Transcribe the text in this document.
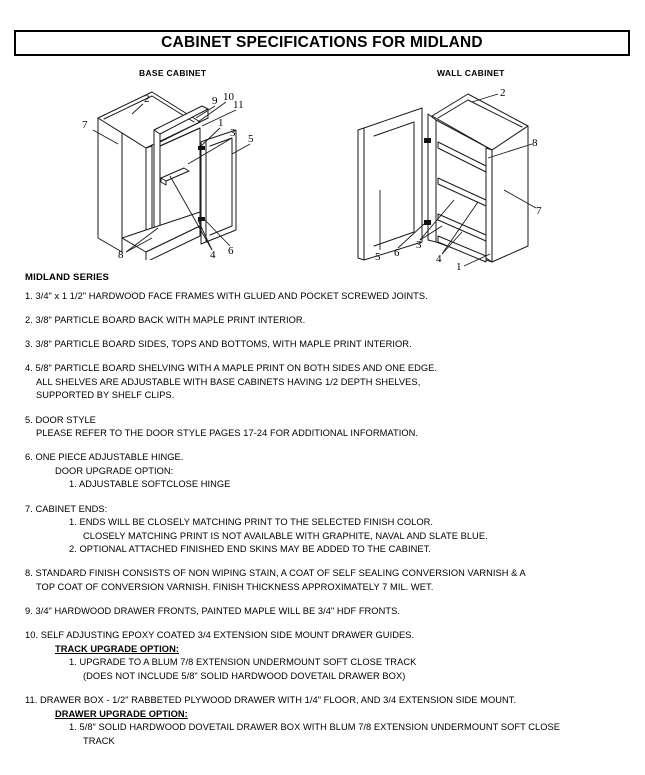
CABINET SPECIFICATIONS FOR MIDLAND
BASE CABINET	WALL CABINET
2	9 10
11
1
3 5
7
8	4 6
2
8
7
5 6
3
4
1
MIDLAND SERIES
1. 3/4" x 1 1/2" HARDWOOD FACE FRAMES WITH GLUED AND POCKET SCREWED JOINTS.
2. 3/8" PARTICLE BOARD BACK WITH MAPLE PRINT INTERIOR.
3. 3/8" PARTICLE BOARD SIDES, TOPS AND BOTTOMS, WITH MAPLE PRINT INTERIOR.
4. 5/8" PARTICLE BOARD SHELVING WITH A MAPLE PRINT ON BOTH SIDES AND ONE EDGE.
ALL SHELVES ARE ADJUSTABLE WITH BASE CABINETS HAVING 1/2 DEPTH SHELVES,
SUPPORTED BY SHELF CLIPS.
5. DOOR STYLE
PLEASE REFER TO THE DOOR STYLE PAGES 17-24 FOR ADDITIONAL INFORMATION.
6. ONE PIECE ADJUSTABLE HINGE.
DOOR UPGRADE OPTION:
1. ADJUSTABLE SOFTCLOSE HINGE
7. CABINET ENDS:
1. ENDS WILL BE CLOSELY MATCHING PRINT TO THE SELECTED FINISH COLOR.
CLOSELY MATCHING PRINT IS NOT AVAILABLE WITH GRAPHITE, NAVAL AND SLATE BLUE.
2. OPTIONAL ATTACHED FINISHED END SKINS MAY BE ADDED TO THE CABINET.
8. STANDARD FINISH CONSISTS OF NON WIPING STAIN, A COAT OF SELF SEALING CONVERSION VARNISH & A
TOP COAT OF CONVERSION VARNISH. FINISH THICKNESS APPROXIMATELY 7 MIL. WET.
9. 3/4" HARDWOOD DRAWER FRONTS, PAINTED MAPLE WILL BE 3/4" HDF FRONTS.
10. SELF ADJUSTING EPOXY COATED 3/4 EXTENSION SIDE MOUNT DRAWER GUIDES.
TRACK UPGRADE OPTION:
1. UPGRADE TO A BLUM 7/8 EXTENSION UNDERMOUNT SOFT CLOSE TRACK
(DOES NOT INCLUDE 5/8" SOLID HARDWOOD DOVETAIL DRAWER BOX)
11. DRAWER BOX - 1/2" RABBETED PLYWOOD DRAWER WITH 1/4" FLOOR, AND 3/4 EXTENSION SIDE MOUNT.
DRAWER UPGRADE OPTION:
1. 5/8" SOLID HARDWOOD DOVETAIL DRAWER BOX WITH BLUM 7/8 EXTENSION UNDERMOUNT SOFT CLOSE
TRACK
